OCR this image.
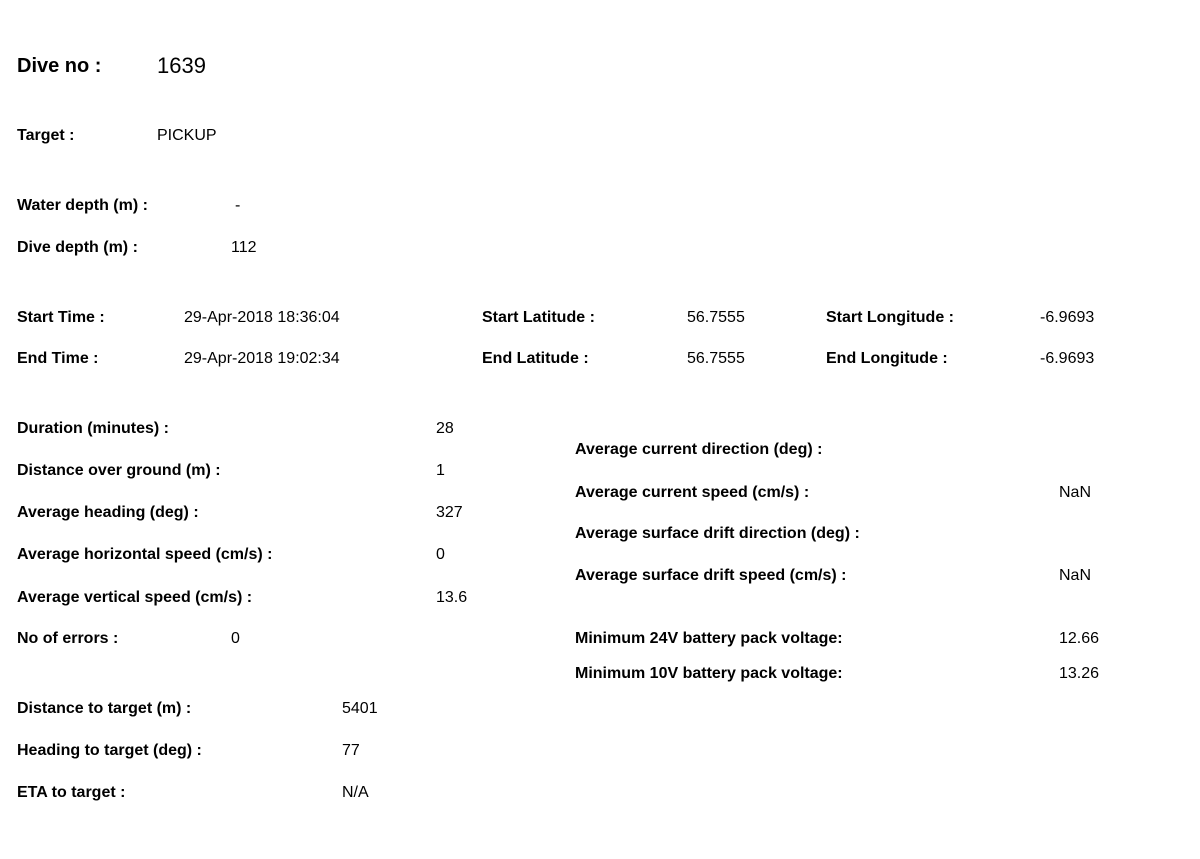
Dive no :	1639
Target :	PICKUP
Water depth (m) :	-
Dive depth (m) :	112
Start Time :	29-Apr-2018 18:36:04	Start Latitude :	56.7555	Start Longitude :	-6.9693
End Time :	29-Apr-2018 19:02:34	End Latitude :	56.7555	End Longitude :	-6.9693
Duration (minutes) :	28
Distance over ground (m) :	1
Average heading (deg) :	327
Average horizontal speed (cm/s) :	0
Average vertical speed (cm/s) :	13.6
No of errors :	0
Average current direction (deg) :
Average current speed (cm/s) :	NaN
Average surface drift direction (deg) :
Average surface drift speed (cm/s) :	NaN
Minimum 24V battery pack voltage:	12.66
Minimum 10V battery pack voltage:	13.26
Distance to target (m) :	5401
Heading to target (deg) :	77
ETA to target :	N/A
